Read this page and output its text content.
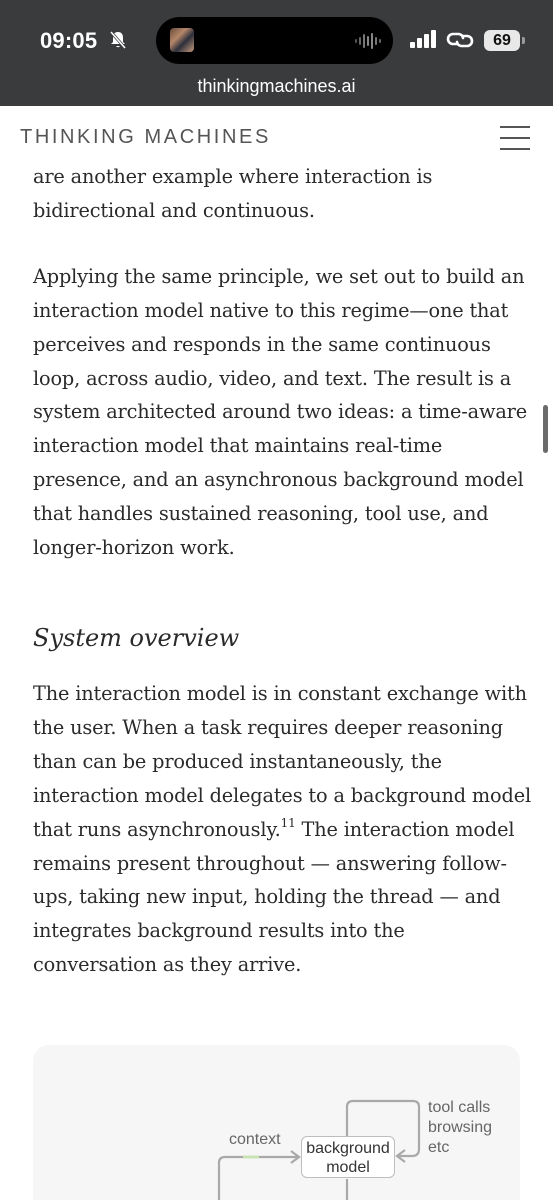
09:05	69
thinkingmachines.ai
THINKING MACHINES
are another example where interaction is
bidirectional and continuous.
Applying the same principle, we set out to build an
interaction model native to this regime—one that
perceives and responds in the same continuous
loop, across audio, video, and text. The result is a
system architected around two ideas: a time-aware
interaction model that maintains real-time
presence, and an asynchronous background model
that handles sustained reasoning, tool use, and
longer-horizon work.
System overview
The interaction model is in constant exchange with
the user. When a task requires deeper reasoning
than can be produced instantaneously, the
interaction model delegates to a background model
that runs asynchronously.$^{11}$ The interaction model
remains present throughout — answering follow-
ups, taking new input, holding the thread — and
integrates background results into the
conversation as they arrive.
context
background
model
tool calls
browsing
etc
